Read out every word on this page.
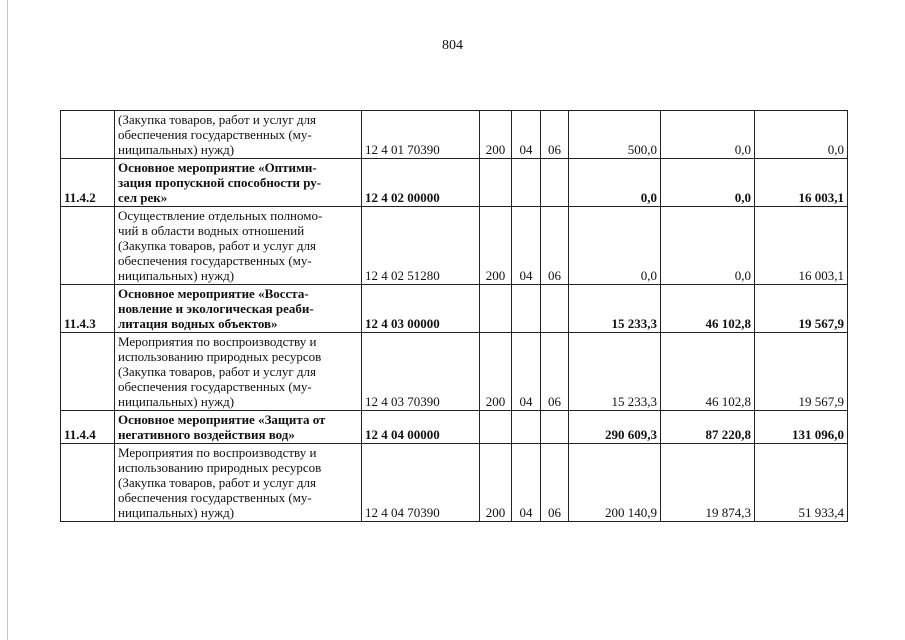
804
	(Закупка товаров, работ и услуг для
обеспечения государственных (му-
ниципальных) нужд)	12 4 01 70390	200	04	06	500,0	0,0	0,0
11.4.2	Основное мероприятие «Оптими-
зация пропускной способности ру-
сел рек»	12 4 02 00000				0,0	0,0	16 003,1
	Осуществление отдельных полномо-
чий в области водных отношений
(Закупка товаров, работ и услуг для
обеспечения государственных (му-
ниципальных) нужд)	12 4 02 51280	200	04	06	0,0	0,0	16 003,1
11.4.3	Основное мероприятие «Восста-
новление и экологическая реаби-
литация водных объектов»	12 4 03 00000				15 233,3	46 102,8	19 567,9
	Мероприятия по воспроизводству и
использованию природных ресурсов
(Закупка товаров, работ и услуг для
обеспечения государственных (му-
ниципальных) нужд)	12 4 03 70390	200	04	06	15 233,3	46 102,8	19 567,9
11.4.4	Основное мероприятие «Защита от
негативного воздействия вод»	12 4 04 00000				290 609,3	87 220,8	131 096,0
	Мероприятия по воспроизводству и
использованию природных ресурсов
(Закупка товаров, работ и услуг для
обеспечения государственных (му-
ниципальных) нужд)	12 4 04 70390	200	04	06	200 140,9	19 874,3	51 933,4
